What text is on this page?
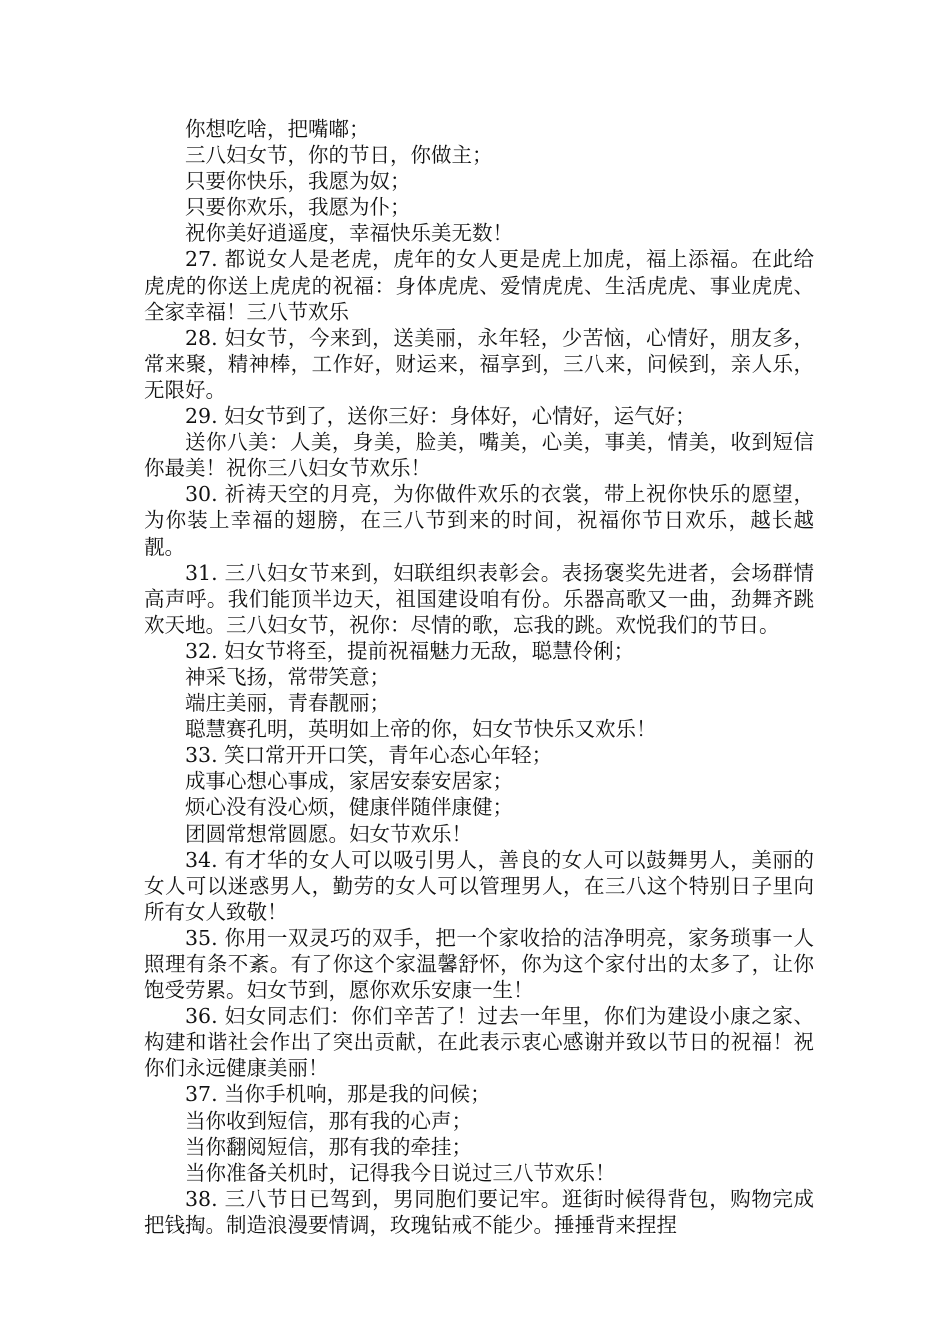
你想吃啥，把嘴嘟；

三八妇女节，你的节日，你做主；

只要你快乐，我愿为奴；

只要你欢乐，我愿为仆；

祝你美好逍遥度，幸福快乐美无数！

27. 都说女人是老虎，虎年的女人更是虎上加虎，福上添福。在此给虎虎的你送上虎虎的祝福：身体虎虎、爱情虎虎、生活虎虎、事业虎虎、全家幸福！三八节欢乐

28. 妇女节，今来到，送美丽，永年轻，少苦恼，心情好，朋友多，常来聚，精神棒，工作好，财运来，福享到，三八来，问候到，亲人乐，无限好。

29. 妇女节到了，送你三好：身体好，心情好，运气好；

送你八美：人美，身美，脸美，嘴美，心美，事美，情美，收到短信你最美！祝你三八妇女节欢乐！

30. 祈祷天空的月亮，为你做件欢乐的衣裳，带上祝你快乐的愿望，为你装上幸福的翅膀，在三八节到来的时间，祝福你节日欢乐，越长越靓。

31. 三八妇女节来到，妇联组织表彰会。表扬褒奖先进者，会场群情高声呼。我们能顶半边天，祖国建设咱有份。乐器高歌又一曲，劲舞齐跳欢天地。三八妇女节，祝你：尽情的歌，忘我的跳。欢悦我们的节日。

32. 妇女节将至，提前祝福魅力无敌，聪慧伶俐；

神采飞扬，常带笑意；

端庄美丽，青春靓丽；

聪慧赛孔明，英明如上帝的你，妇女节快乐又欢乐！

33. 笑口常开开口笑，青年心态心年轻；

成事心想心事成，家居安泰安居家；

烦心没有没心烦，健康伴随伴康健；

团圆常想常圆愿。妇女节欢乐！

34. 有才华的女人可以吸引男人，善良的女人可以鼓舞男人，美丽的女人可以迷惑男人，勤劳的女人可以管理男人，在三八这个特别日子里向所有女人致敬！

35. 你用一双灵巧的双手，把一个家收拾的洁净明亮，家务琐事一人照理有条不紊。有了你这个家温馨舒怀，你为这个家付出的太多了，让你饱受劳累。妇女节到，愿你欢乐安康一生！

36. 妇女同志们：你们辛苦了！过去一年里，你们为建设小康之家、构建和谐社会作出了突出贡献，在此表示衷心感谢并致以节日的祝福！祝你们永远健康美丽！

37. 当你手机响，那是我的问候；

当你收到短信，那有我的心声；

当你翻阅短信，那有我的牵挂；

当你准备关机时，记得我今日说过三八节欢乐！

38. 三八节日已驾到，男同胞们要记牢。逛街时候得背包，购物完成把钱掏。制造浪漫要情调，玫瑰钻戒不能少。捶捶背来捏捏
